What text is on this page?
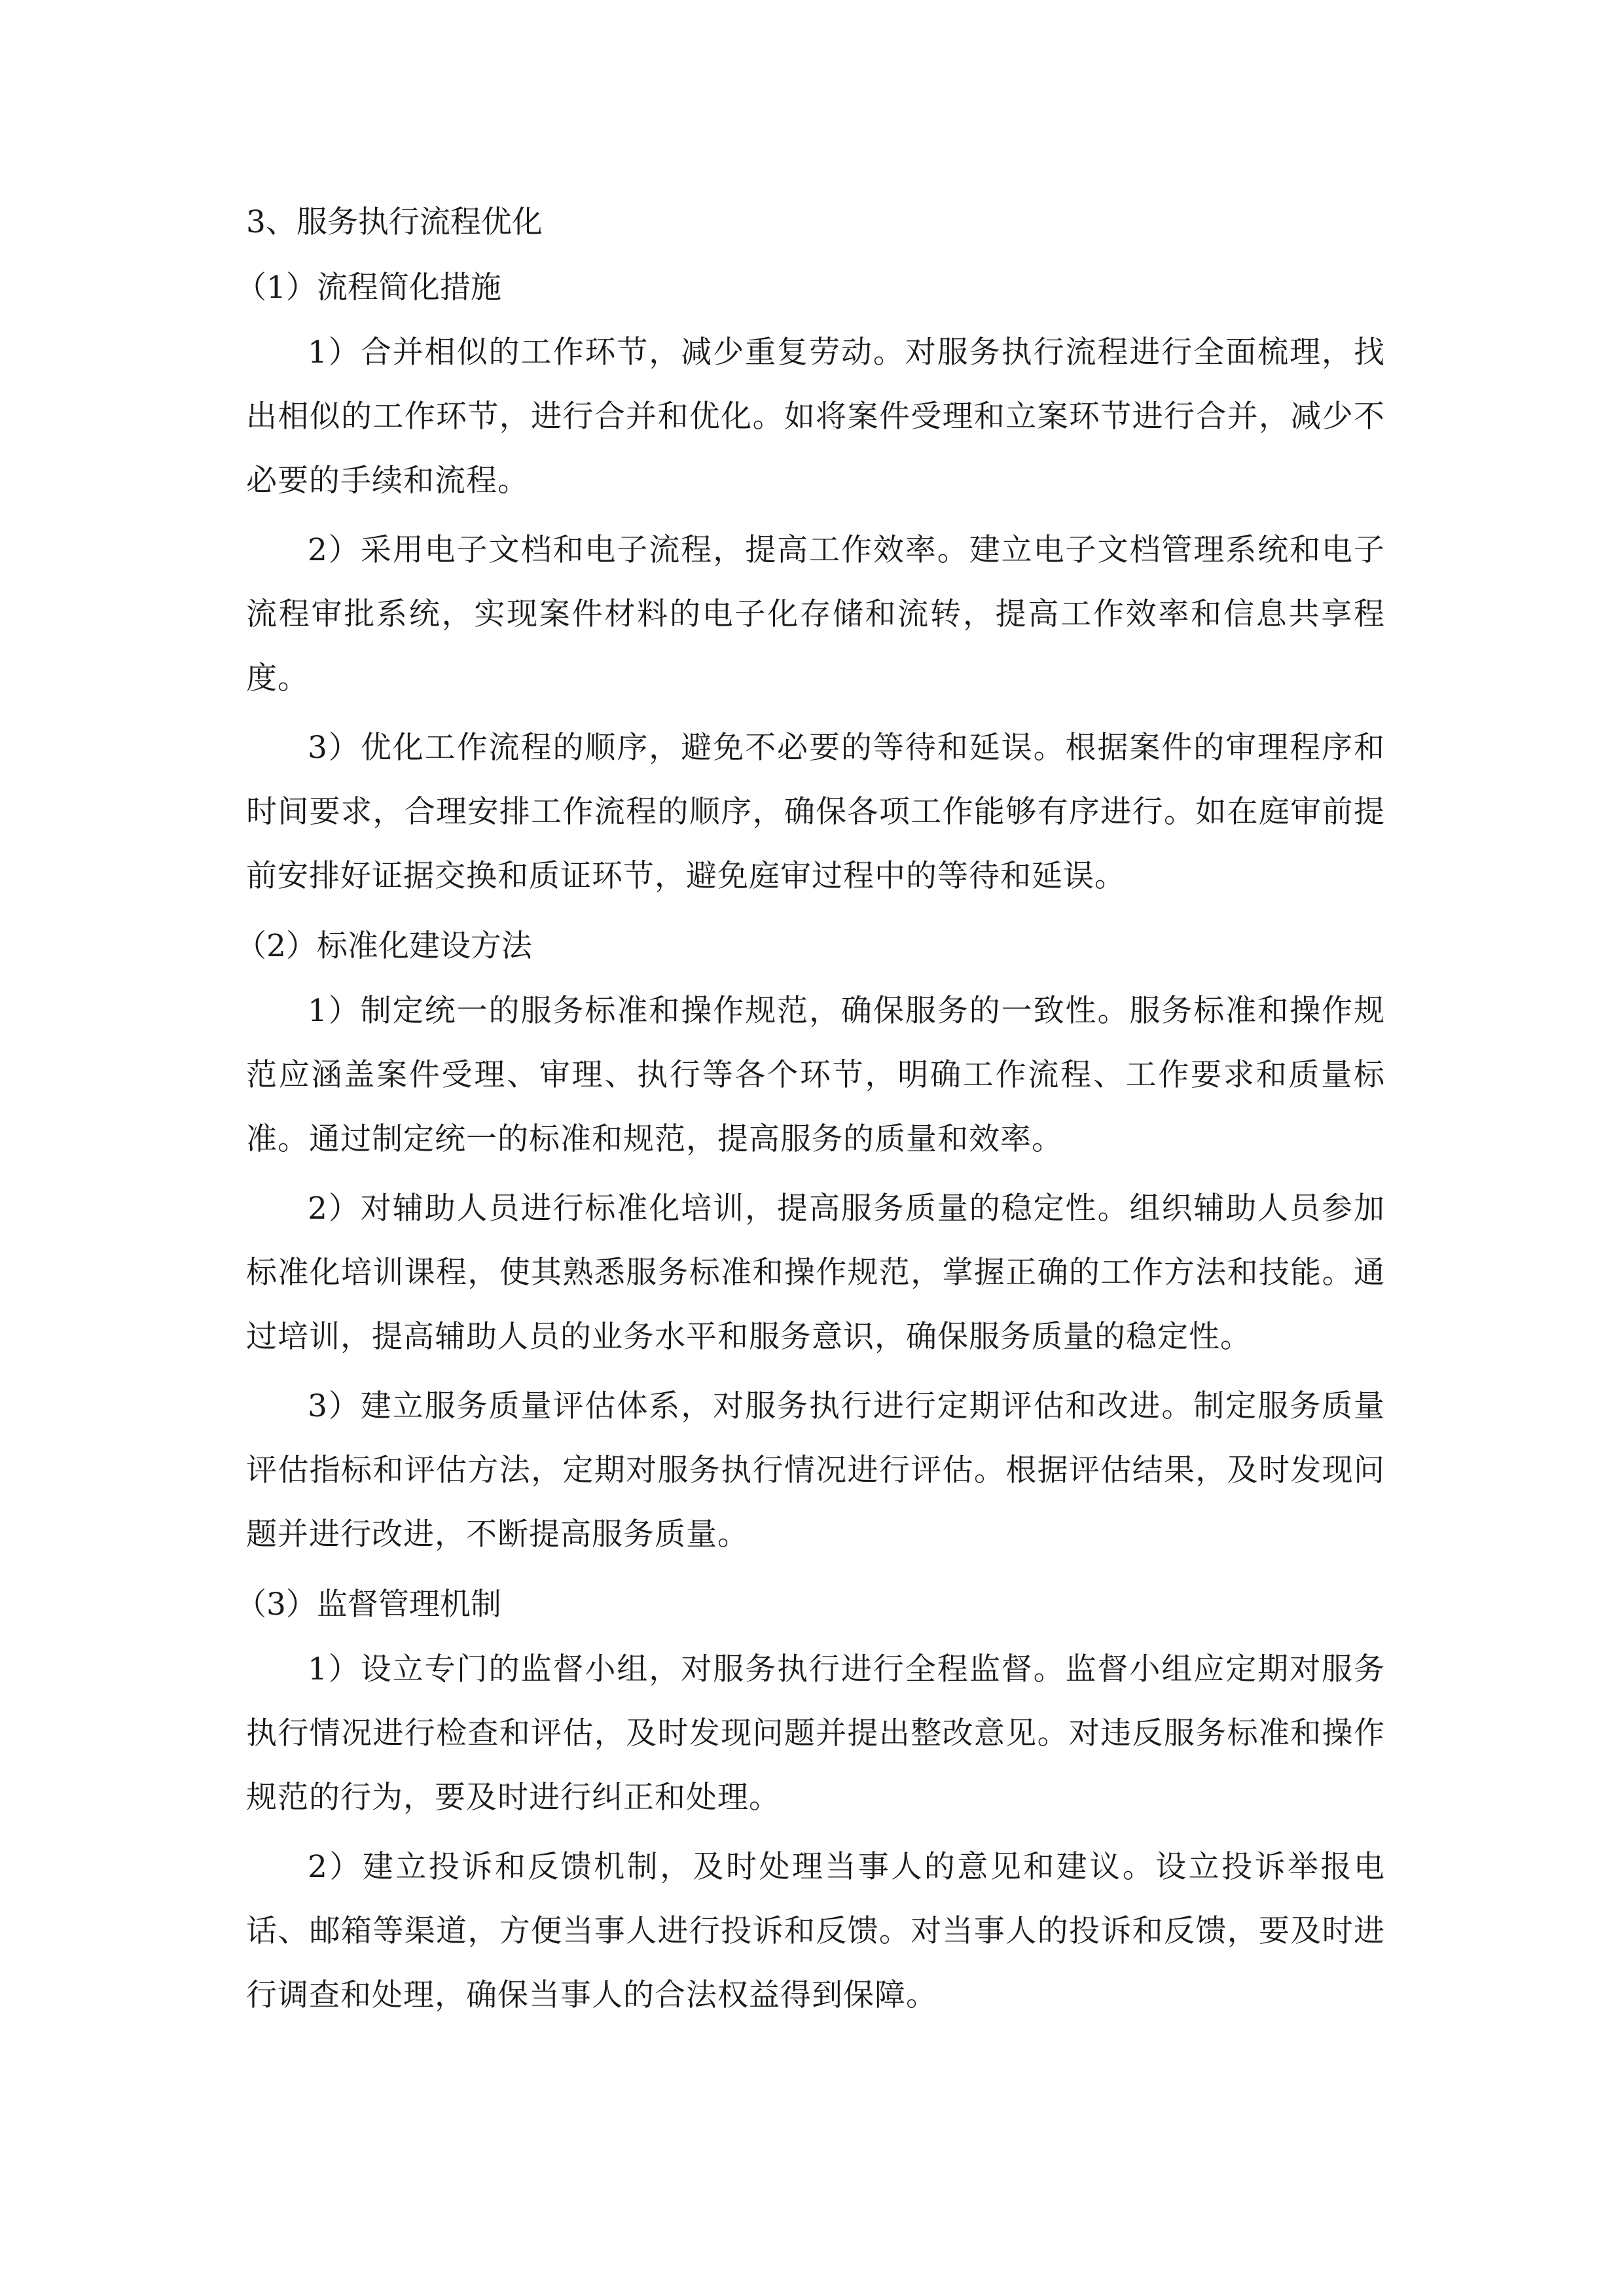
3、服务执行流程优化

（1）流程简化措施

1）合并相似的工作环节，减少重复劳动。对服务执行流程进行全面梳理，找出相似的工作环节，进行合并和优化。如将案件受理和立案环节进行合并，减少不必要的手续和流程。

2）采用电子文档和电子流程，提高工作效率。建立电子文档管理系统和电子流程审批系统，实现案件材料的电子化存储和流转，提高工作效率和信息共享程度。

3）优化工作流程的顺序，避免不必要的等待和延误。根据案件的审理程序和时间要求，合理安排工作流程的顺序，确保各项工作能够有序进行。如在庭审前提前安排好证据交换和质证环节，避免庭审过程中的等待和延误。

（2）标准化建设方法

1）制定统一的服务标准和操作规范，确保服务的一致性。服务标准和操作规范应涵盖案件受理、审理、执行等各个环节，明确工作流程、工作要求和质量标准。通过制定统一的标准和规范，提高服务的质量和效率。

2）对辅助人员进行标准化培训，提高服务质量的稳定性。组织辅助人员参加标准化培训课程，使其熟悉服务标准和操作规范，掌握正确的工作方法和技能。通过培训，提高辅助人员的业务水平和服务意识，确保服务质量的稳定性。

3）建立服务质量评估体系，对服务执行进行定期评估和改进。制定服务质量评估指标和评估方法，定期对服务执行情况进行评估。根据评估结果，及时发现问题并进行改进，不断提高服务质量。

（3）监督管理机制

1）设立专门的监督小组，对服务执行进行全程监督。监督小组应定期对服务执行情况进行检查和评估，及时发现问题并提出整改意见。对违反服务标准和操作规范的行为，要及时进行纠正和处理。

2）建立投诉和反馈机制，及时处理当事人的意见和建议。设立投诉举报电话、邮箱等渠道，方便当事人进行投诉和反馈。对当事人的投诉和反馈，要及时进行调查和处理，确保当事人的合法权益得到保障。
